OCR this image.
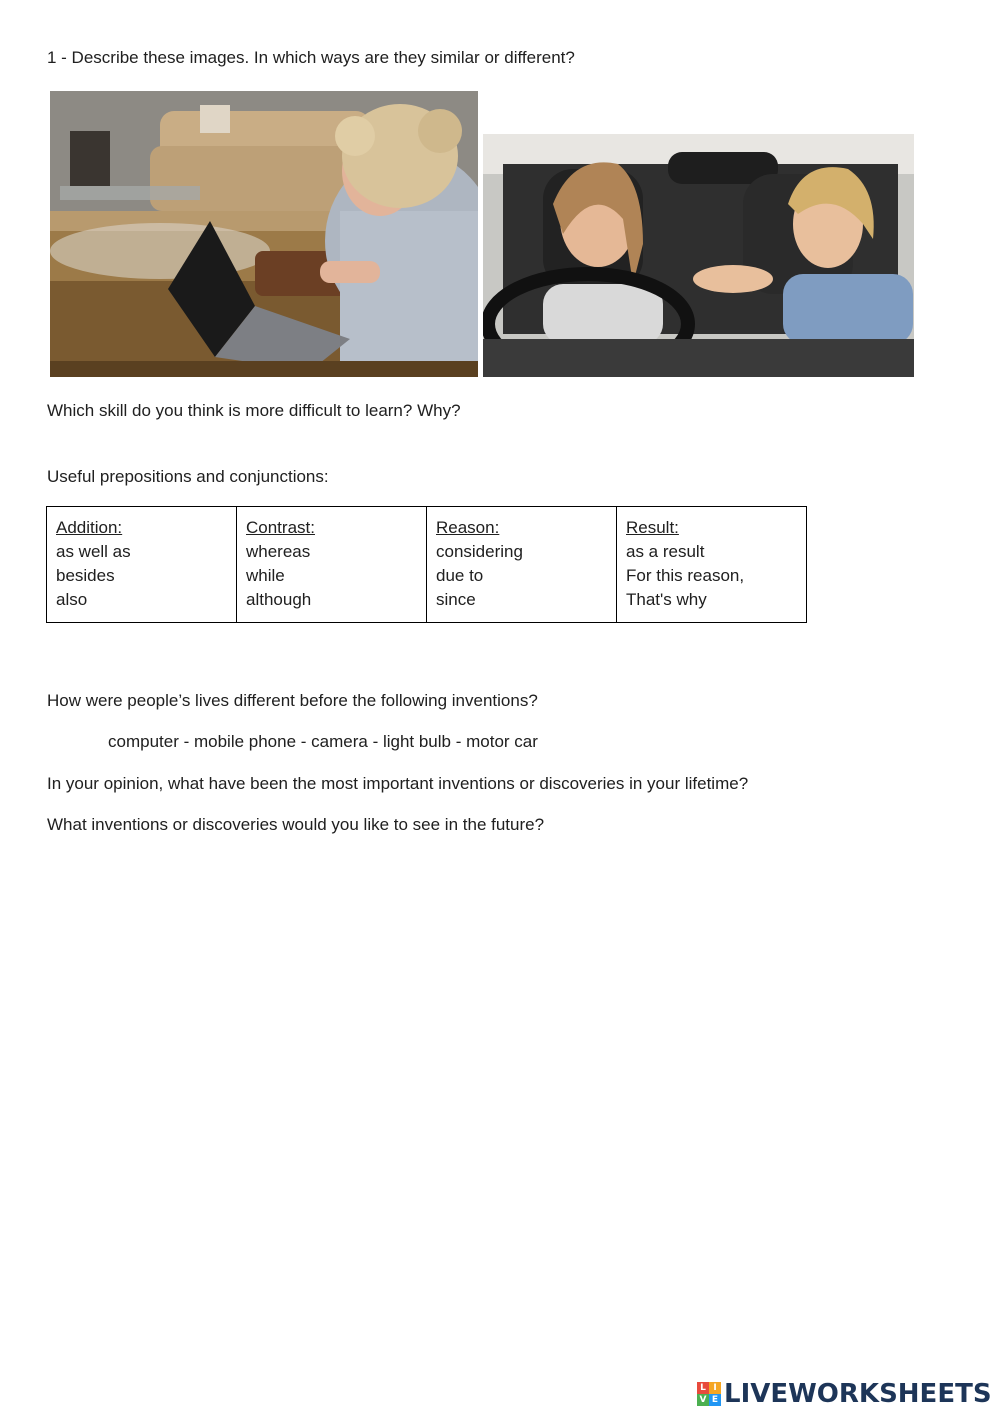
1 - Describe these images. In which ways are they similar or different?
Which skill do you think is more difficult to learn? Why?
Useful prepositions and conjunctions:
Addition:
as well as
besides
also

Contrast:
whereas
while
although

Reason:
considering
due to
since

Result:
as a result
For this reason,
That's why
How were people’s lives different before the following inventions?
computer - mobile phone - camera - light bulb - motor car
In your opinion, what have been the most important inventions or discoveries in your lifetime?
What inventions or discoveries would you like to see in the future?
L I
V E LIVEWORKSHEETS
